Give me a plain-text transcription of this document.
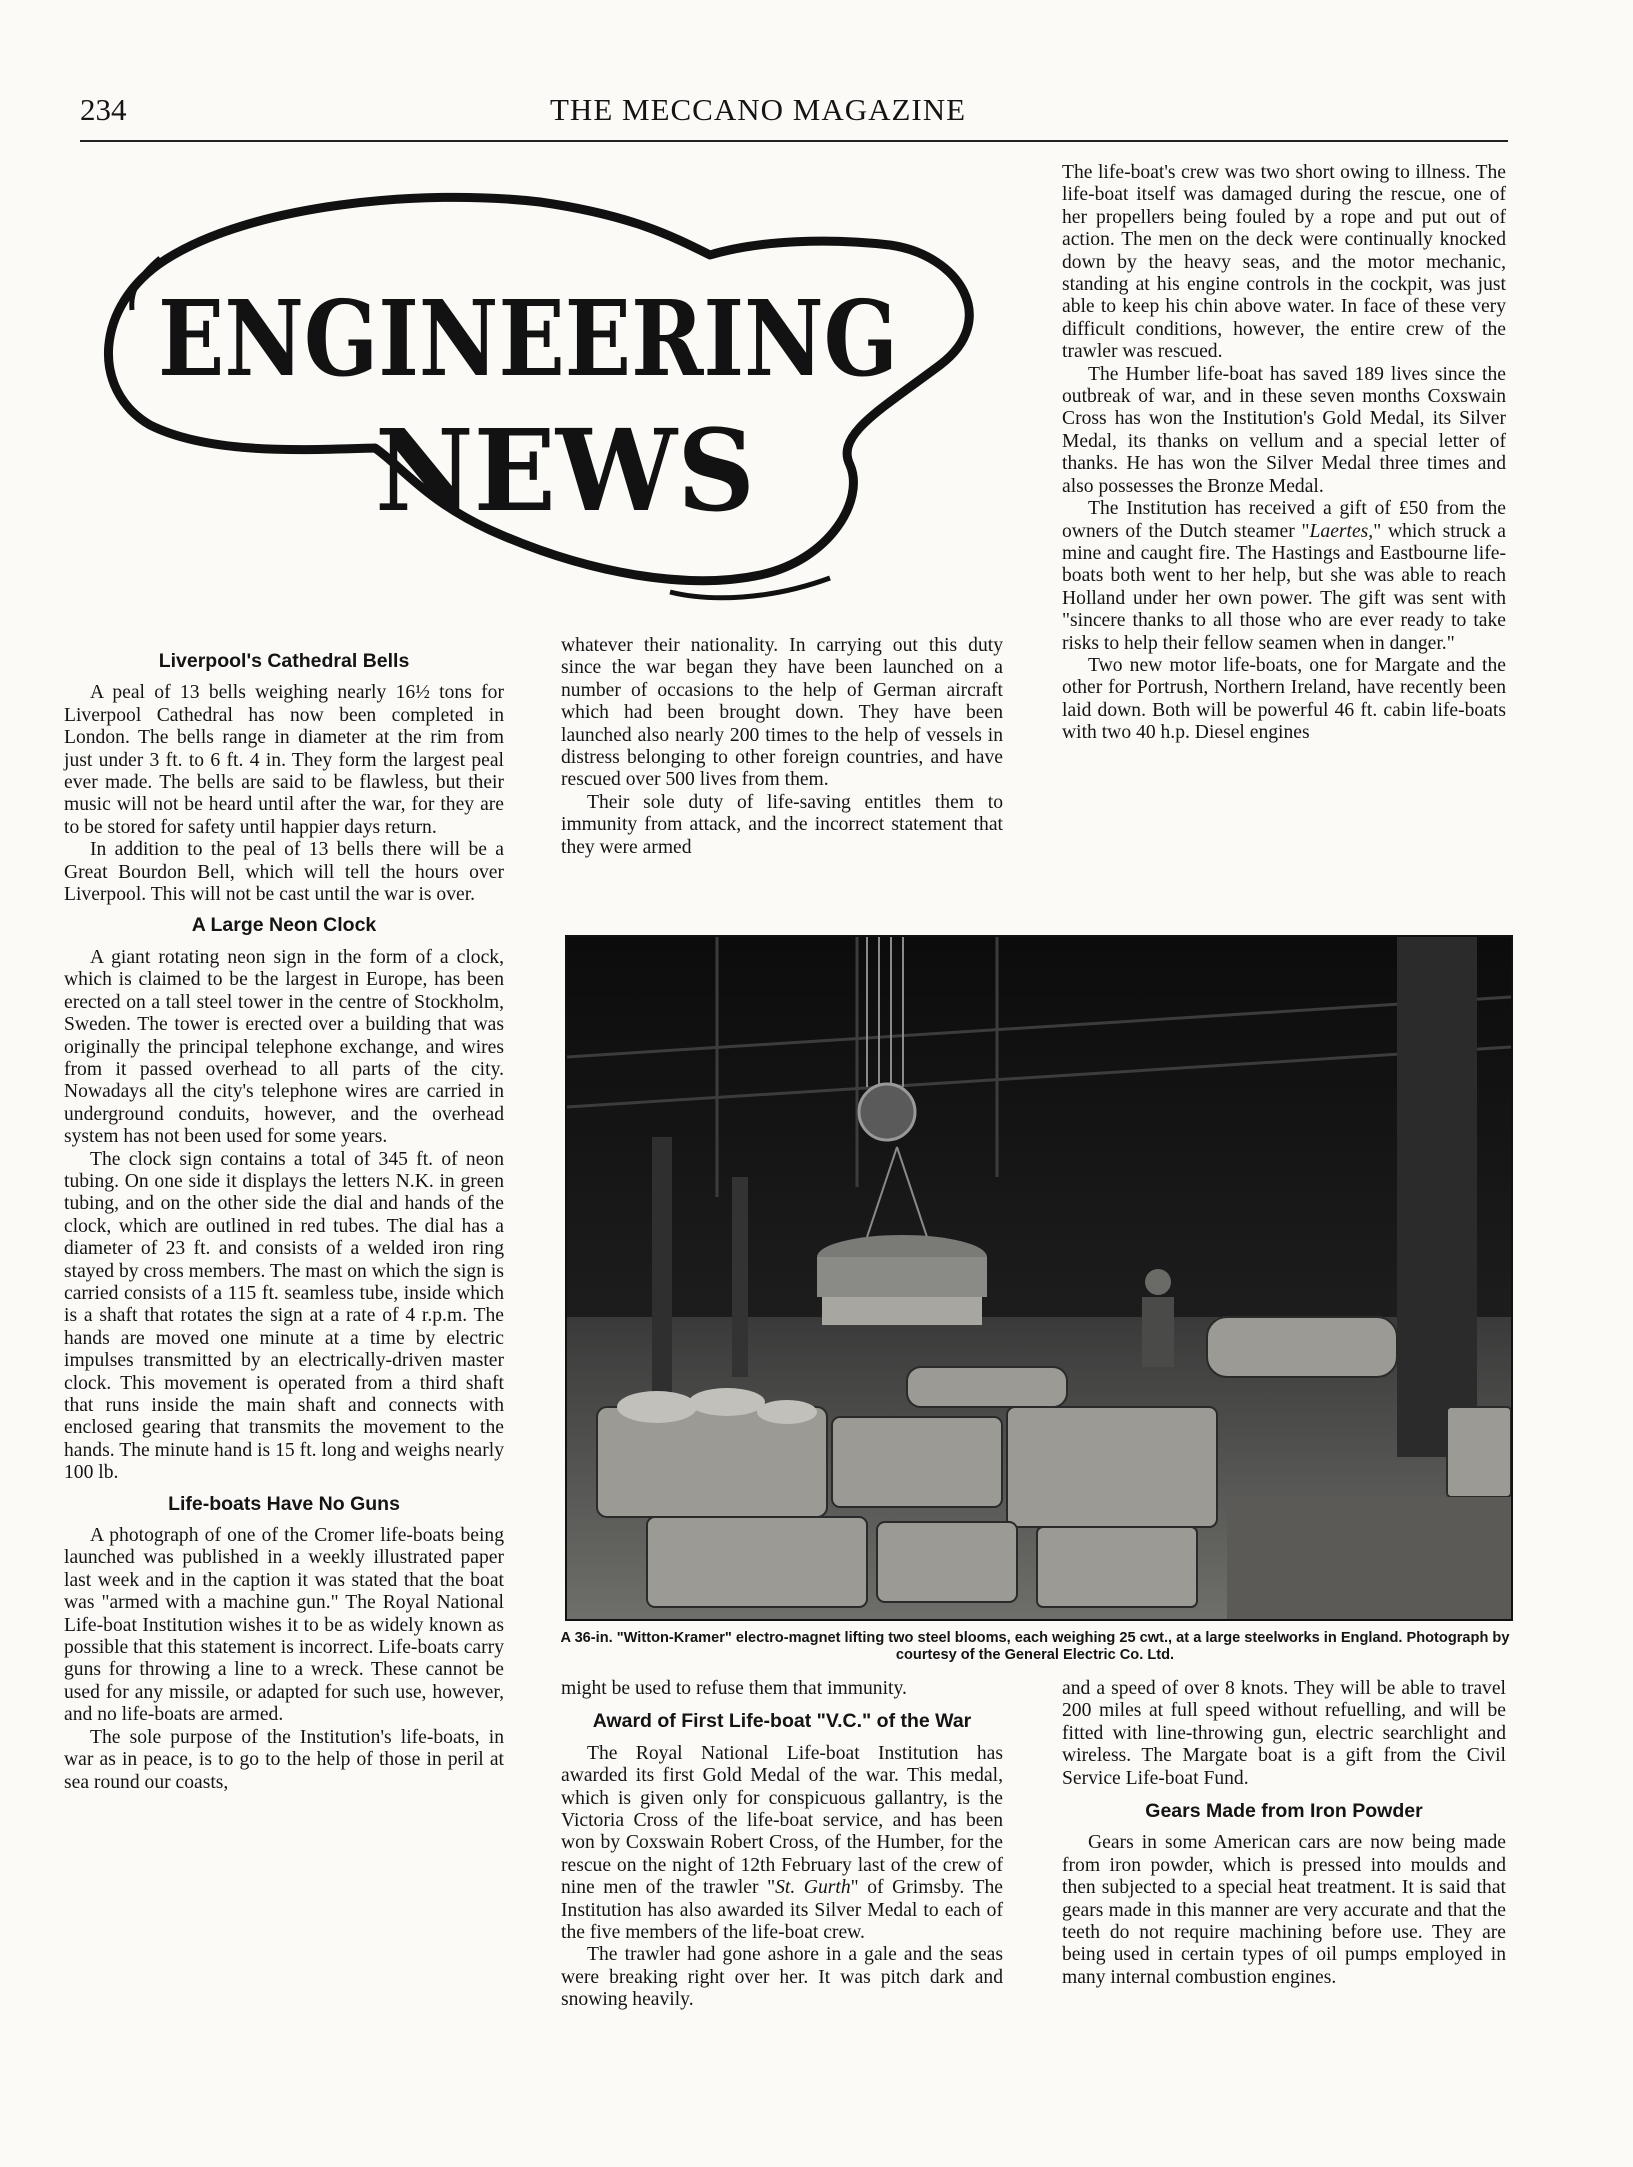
234	THE MECCANO MAGAZINE
ENGINEERING
NEWS
Liverpool's Cathedral Bells

A peal of 13 bells weighing nearly 16½ tons for Liverpool Cathedral has now been completed in London. The bells range in diameter at the rim from just under 3 ft. to 6 ft. 4 in. They form the largest peal ever made. The bells are said to be flawless, but their music will not be heard until after the war, for they are to be stored for safety until happier days return.

In addition to the peal of 13 bells there will be a Great Bourdon Bell, which will tell the hours over Liverpool. This will not be cast until the war is over.

A Large Neon Clock

A giant rotating neon sign in the form of a clock, which is claimed to be the largest in Europe, has been erected on a tall steel tower in the centre of Stockholm, Sweden. The tower is erected over a building that was originally the principal telephone exchange, and wires from it passed overhead to all parts of the city. Nowadays all the city's telephone wires are carried in underground conduits, however, and the overhead system has not been used for some years.

The clock sign contains a total of 345 ft. of neon tubing. On one side it displays the letters N.K. in green tubing, and on the other side the dial and hands of the clock, which are outlined in red tubes. The dial has a diameter of 23 ft. and consists of a welded iron ring stayed by cross members. The mast on which the sign is carried consists of a 115 ft. seamless tube, inside which is a shaft that rotates the sign at a rate of 4 r.p.m. The hands are moved one minute at a time by electric impulses transmitted by an electrically-driven master clock. This movement is operated from a third shaft that runs inside the main shaft and connects with enclosed gearing that transmits the movement to the hands. The minute hand is 15 ft. long and weighs nearly 100 lb.

Life-boats Have No Guns

A photograph of one of the Cromer life-boats being launched was published in a weekly illustrated paper last week and in the caption it was stated that the boat was "armed with a machine gun." The Royal National Life-boat Institution wishes it to be as widely known as possible that this statement is incorrect. Life-boats carry guns for throwing a line to a wreck. These cannot be used for any missile, or adapted for such use, however, and no life-boats are armed.

The sole purpose of the Institution's life-boats, in war as in peace, is to go to the help of those in peril at sea round our coasts,

whatever their nationality. In carrying out this duty since the war began they have been launched on a number of occasions to the help of German aircraft which had been brought down. They have been launched also nearly 200 times to the help of vessels in distress belonging to other foreign countries, and have rescued over 500 lives from them.

Their sole duty of life-saving entitles them to immunity from attack, and the incorrect statement that they were armed

The life-boat's crew was two short owing to illness. The life-boat itself was damaged during the rescue, one of her propellers being fouled by a rope and put out of action. The men on the deck were continually knocked down by the heavy seas, and the motor mechanic, standing at his engine controls in the cockpit, was just able to keep his chin above water. In face of these very difficult conditions, however, the entire crew of the trawler was rescued.

The Humber life-boat has saved 189 lives since the outbreak of war, and in these seven months Coxswain Cross has won the Institution's Gold Medal, its Silver Medal, its thanks on vellum and a special letter of thanks. He has won the Silver Medal three times and also possesses the Bronze Medal.

The Institution has received a gift of £50 from the owners of the Dutch steamer "Laertes," which struck a mine and caught fire. The Hastings and Eastbourne life-boats both went to her help, but she was able to reach Holland under her own power. The gift was sent with "sincere thanks to all those who are ever ready to take risks to help their fellow seamen when in danger."

Two new motor life-boats, one for Margate and the other for Portrush, Northern Ireland, have recently been laid down. Both will be powerful 46 ft. cabin life-boats with two 40 h.p. Diesel engines

A 36-in. "Witton-Kramer" electro-magnet lifting two steel blooms, each weighing 25 cwt., at a large steelworks in England. Photograph by courtesy of the General Electric Co. Ltd.

might be used to refuse them that immunity.

Award of First Life-boat "V.C." of the War

The Royal National Life-boat Institution has awarded its first Gold Medal of the war. This medal, which is given only for conspicuous gallantry, is the Victoria Cross of the life-boat service, and has been won by Coxswain Robert Cross, of the Humber, for the rescue on the night of 12th February last of the crew of nine men of the trawler "St. Gurth" of Grimsby. The Institution has also awarded its Silver Medal to each of the five members of the life-boat crew.

The trawler had gone ashore in a gale and the seas were breaking right over her. It was pitch dark and snowing heavily.

and a speed of over 8 knots. They will be able to travel 200 miles at full speed without refuelling, and will be fitted with line-throwing gun, electric searchlight and wireless. The Margate boat is a gift from the Civil Service Life-boat Fund.

Gears Made from Iron Powder

Gears in some American cars are now being made from iron powder, which is pressed into moulds and then subjected to a special heat treatment. It is said that gears made in this manner are very accurate and that the teeth do not require machining before use. They are being used in certain types of oil pumps employed in many internal combustion engines.
